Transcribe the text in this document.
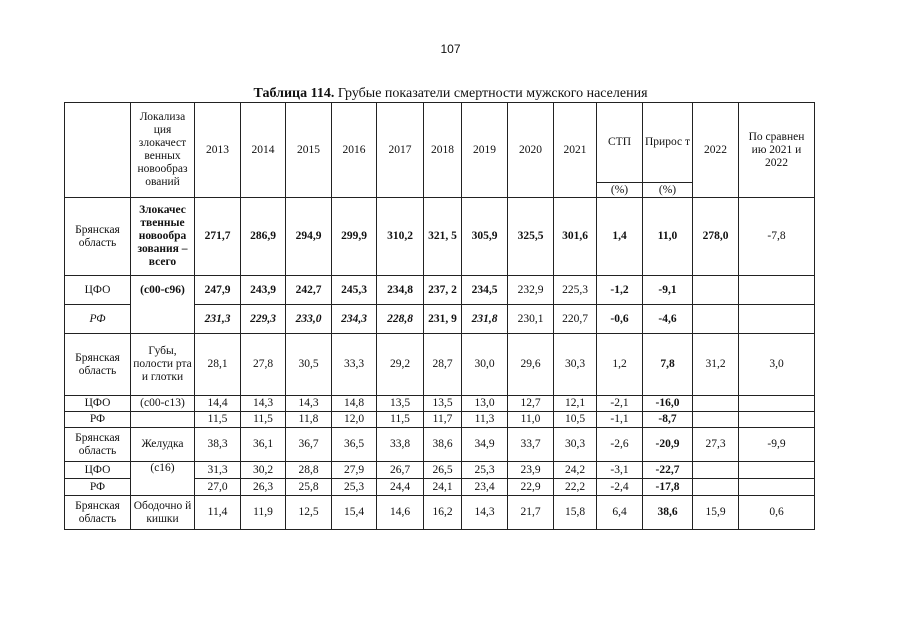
107
Таблица 114. Грубые показатели смертности мужского населения
	Локализа ция злокачест венных новообраз ований	2013	2014	2015	2016	2017	2018	2019	2020	2021	СТП	Прирос т	2022	По сравнен ию 2021 и 2022
											(%)	(%)		
Брянская область	Злокачес твенные новообра зования – всего	271,7	286,9	294,9	299,9	310,2	321, 5	305,9	325,5	301,6	1,4	11,0	278,0	-7,8
ЦФО	(с00-с96)	247,9	243,9	242,7	245,3	234,8	237, 2	234,5	232,9	225,3	-1,2	-9,1		
РФ		231,3	229,3	233,0	234,3	228,8	231, 9	231,8	230,1	220,7	-0,6	-4,6		
Брянская область	Губы, полости рта и глотки	28,1	27,8	30,5	33,3	29,2	28,7	30,0	29,6	30,3	1,2	7,8	31,2	3,0
ЦФО	(с00-с13)	14,4	14,3	14,3	14,8	13,5	13,5	13,0	12,7	12,1	-2,1	-16,0		
РФ		11,5	11,5	11,8	12,0	11,5	11,7	11,3	11,0	10,5	-1,1	-8,7		
Брянская область	Желудка	38,3	36,1	36,7	36,5	33,8	38,6	34,9	33,7	30,3	-2,6	-20,9	27,3	-9,9
ЦФО	(с16)	31,3	30,2	28,8	27,9	26,7	26,5	25,3	23,9	24,2	-3,1	-22,7		
РФ		27,0	26,3	25,8	25,3	24,4	24,1	23,4	22,9	22,2	-2,4	-17,8		
Брянская область	Ободочно й кишки	11,4	11,9	12,5	15,4	14,6	16,2	14,3	21,7	15,8	6,4	38,6	15,9	0,6
